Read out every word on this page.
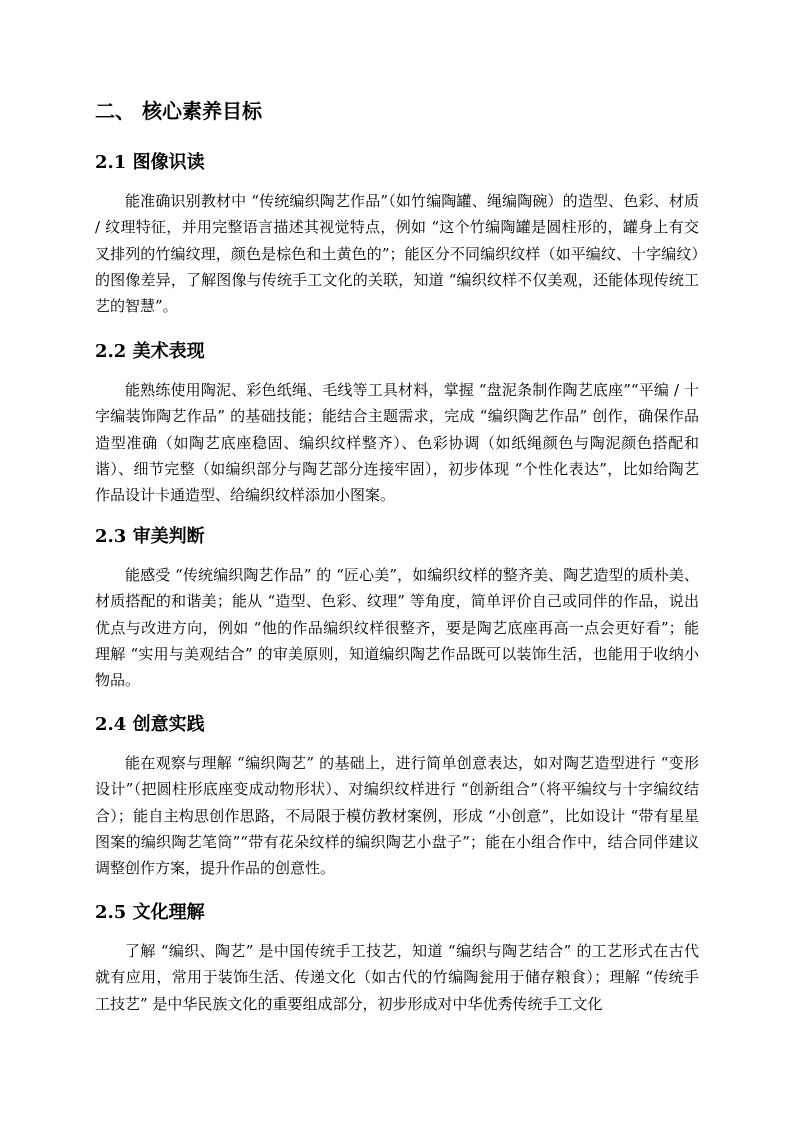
二、 核心素养目标
2.1 图像识读

能准确识别教材中 “传统编织陶艺作品”（如竹编陶罐、绳编陶碗）的造型、色彩、材质 / 纹理特征，并用完整语言描述其视觉特点，例如 “这个竹编陶罐是圆柱形的，罐身上有交叉排列的竹编纹理，颜色是棕色和土黄色的”；能区分不同编织纹样（如平编纹、十字编纹）的图像差异，了解图像与传统手工文化的关联，知道 “编织纹样不仅美观，还能体现传统工艺的智慧”。

2.2 美术表现

能熟练使用陶泥、彩色纸绳、毛线等工具材料，掌握 “盘泥条制作陶艺底座”“平编 / 十字编装饰陶艺作品” 的基础技能；能结合主题需求，完成 “编织陶艺作品” 创作，确保作品造型准确（如陶艺底座稳固、编织纹样整齐）、色彩协调（如纸绳颜色与陶泥颜色搭配和谐）、细节完整（如编织部分与陶艺部分连接牢固），初步体现 “个性化表达”，比如给陶艺作品设计卡通造型、给编织纹样添加小图案。

2.3 审美判断

能感受 “传统编织陶艺作品” 的 “匠心美”，如编织纹样的整齐美、陶艺造型的质朴美、材质搭配的和谐美；能从 “造型、色彩、纹理” 等角度，简单评价自己或同伴的作品，说出优点与改进方向，例如 “他的作品编织纹样很整齐，要是陶艺底座再高一点会更好看”；能理解 “实用与美观结合” 的审美原则，知道编织陶艺作品既可以装饰生活，也能用于收纳小物品。

2.4 创意实践

能在观察与理解 “编织陶艺” 的基础上，进行简单创意表达，如对陶艺造型进行 “变形设计”（把圆柱形底座变成动物形状）、对编织纹样进行 “创新组合”（将平编纹与十字编纹结合）；能自主构思创作思路，不局限于模仿教材案例，形成 “小创意”，比如设计 “带有星星图案的编织陶艺笔筒”“带有花朵纹样的编织陶艺小盘子”；能在小组合作中，结合同伴建议调整创作方案，提升作品的创意性。

2.5 文化理解

了解 “编织、陶艺” 是中国传统手工技艺，知道 “编织与陶艺结合” 的工艺形式在古代就有应用，常用于装饰生活、传递文化（如古代的竹编陶瓮用于储存粮食）；理解 “传统手工技艺” 是中华民族文化的重要组成部分，初步形成对中华优秀传统手工文化
